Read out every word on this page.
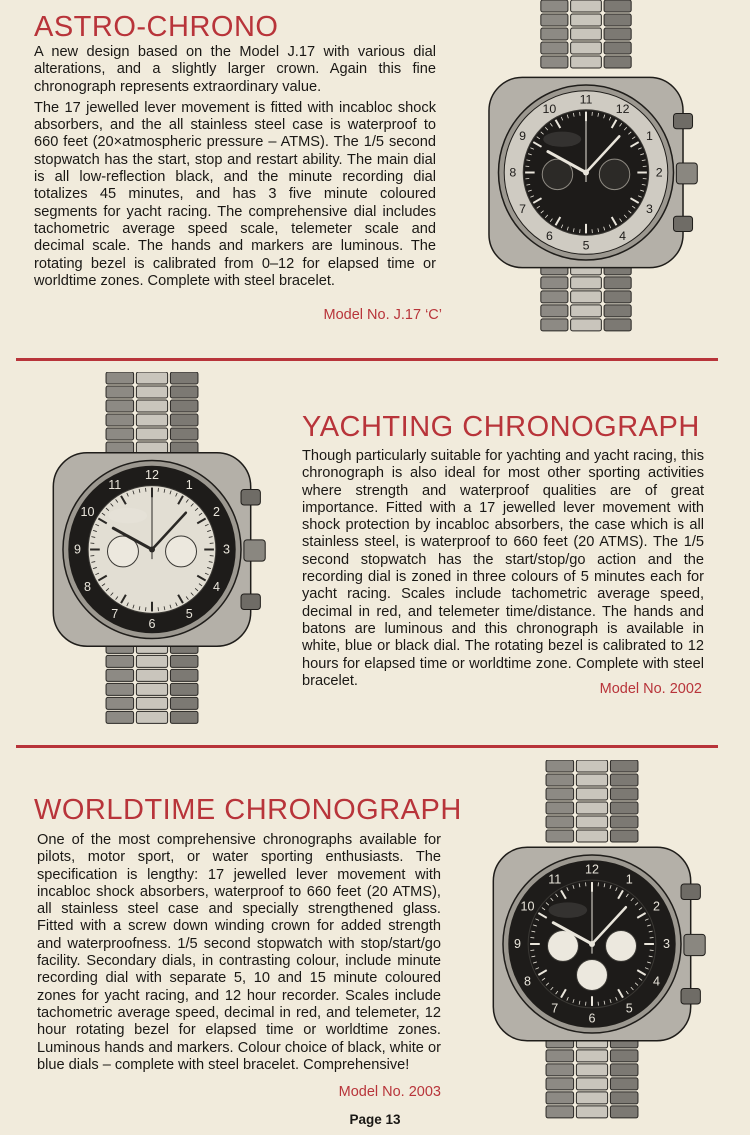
ASTRO-CHRONO

A new design based on the Model J.17 with various dial alterations, and a slightly larger crown. Again this fine chronograph represents extraordinary value.

The 17 jewelled lever movement is fitted with incabloc shock absorbers, and the all stainless steel case is waterproof to 660 feet (20×atmospheric pressure – ATMS). The 1/5 second stopwatch has the start, stop and restart ability. The main dial is all low-reflection black, and the minute recording dial totalizes 45 minutes, and has 3 five minute coloured segments for yacht racing. The comprehensive dial includes tachometric average speed scale, telemeter scale and decimal scale. The hands and markers are luminous. The rotating bezel is calibrated from 0–12 for elapsed time or worldtime zones. Complete with steel bracelet.

Model No. J.17 ‘C’
11
12
1
2
3
4
5
6
7
8
9
10
12
1
2
3
4
5
6
7
8
9
10
11
YACHTING CHRONOGRAPH

Though particularly suitable for yachting and yacht racing, this chronograph is also ideal for most other sporting activities where strength and waterproof qualities are of great importance. Fitted with a 17 jewelled lever movement with shock protection by incabloc absorbers, the case which is all stainless steel, is waterproof to 660 feet (20 ATMS). The 1/5 second stopwatch has the start/stop/go action and the recording dial is zoned in three colours of 5 minutes each for yacht racing. Scales include tachometric average speed, decimal in red, and telemeter time/distance. The hands and batons are luminous and this chronograph is available in white, blue or black dial. The rotating bezel is calibrated to 12 hours for elapsed time or worldtime zone. Complete with steel bracelet.

Model No. 2002
WORLDTIME CHRONOGRAPH

One of the most comprehensive chronographs available for pilots, motor sport, or water sporting enthusiasts. The specification is lengthy: 17 jewelled lever movement with incabloc shock absorbers, waterproof to 660 feet (20 ATMS), all stainless steel case and specially strengthened glass. Fitted with a screw down winding crown for added strength and waterproofness. 1/5 second stopwatch with stop/start/go facility. Secondary dials, in contrasting colour, include minute recording dial with separate 5, 10 and 15 minute coloured zones for yacht racing, and 12 hour recorder. Scales include tachometric average speed, decimal in red, and telemeter, 12 hour rotating bezel for elapsed time or worldtime zones. Luminous hands and markers. Colour choice of black, white or blue dials – complete with steel bracelet. Comprehensive!

Model No. 2003
12
1
2
3
4
5
6
7
8
9
10
11
Page 13
